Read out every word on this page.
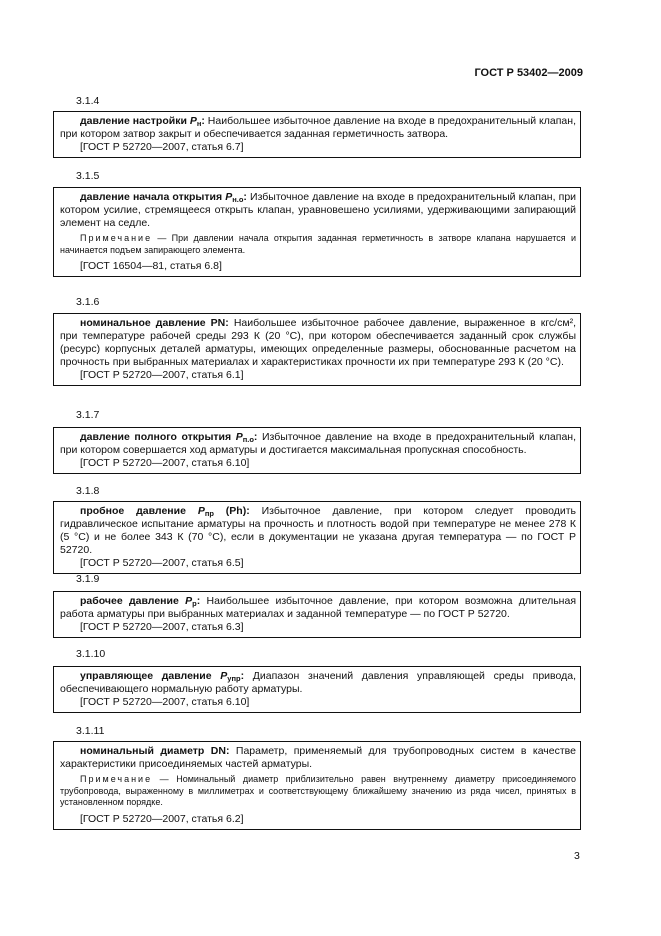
ГОСТ Р 53402—2009
3.1.4

давление настройки $P_н$: Наибольшее избыточное давление на входе в предохранительный клапан, при котором затвор закрыт и обеспечивается заданная герметичность затвора.

[ГОСТ Р 52720—2007, статья 6.7]

3.1.5

давление начала открытия $P_{н.о}$: Избыточное давление на входе в предохранительный клапан, при котором усилие, стремящееся открыть клапан, уравновешено усилиями, удерживающими запирающий элемент на седле.

Примечание — При давлении начала открытия заданная герметичность в затворе клапана нарушается и начинается подъем запирающего элемента.

[ГОСТ 16504—81, статья 6.8]

3.1.6

номинальное давление PN: Наибольшее избыточное рабочее давление, выраженное в кгс/см², при температуре рабочей среды 293 К (20 °С), при котором обеспечивается заданный срок службы (ресурс) корпусных деталей арматуры, имеющих определенные размеры, обоснованные расчетом на прочность при выбранных материалах и характеристиках прочности их при температуре 293 К (20 °С).

[ГОСТ Р 52720—2007, статья 6.1]

3.1.7

давление полного открытия $P_{п.о}$: Избыточное давление на входе в предохранительный клапан, при котором совершается ход арматуры и достигается максимальная пропускная способность.

[ГОСТ Р 52720—2007, статья 6.10]

3.1.8

пробное давление $P_{пр}$ (Ph): Избыточное давление, при котором следует проводить гидравлическое испытание арматуры на прочность и плотность водой при температуре не менее 278 К (5 °С) и не более 343 К (70 °С), если в документации не указана другая температура — по ГОСТ Р 52720.

[ГОСТ Р 52720—2007, статья 6.5]

3.1.9

рабочее давление $P_р$: Наибольшее избыточное давление, при котором возможна длительная работа арматуры при выбранных материалах и заданной температуре — по ГОСТ Р 52720.

[ГОСТ Р 52720—2007, статья 6.3]

3.1.10

управляющее давление $P_{упр}$: Диапазон значений давления управляющей среды привода, обеспечивающего нормальную работу арматуры.

[ГОСТ Р 52720—2007, статья 6.10]

3.1.11

номинальный диаметр DN: Параметр, применяемый для трубопроводных систем в качестве характеристики присоединяемых частей арматуры.

Примечание — Номинальный диаметр приблизительно равен внутреннему диаметру присоединяемого трубопровода, выраженному в миллиметрах и соответствующему ближайшему значению из ряда чисел, принятых в установленном порядке.

[ГОСТ Р 52720—2007, статья 6.2]

3
